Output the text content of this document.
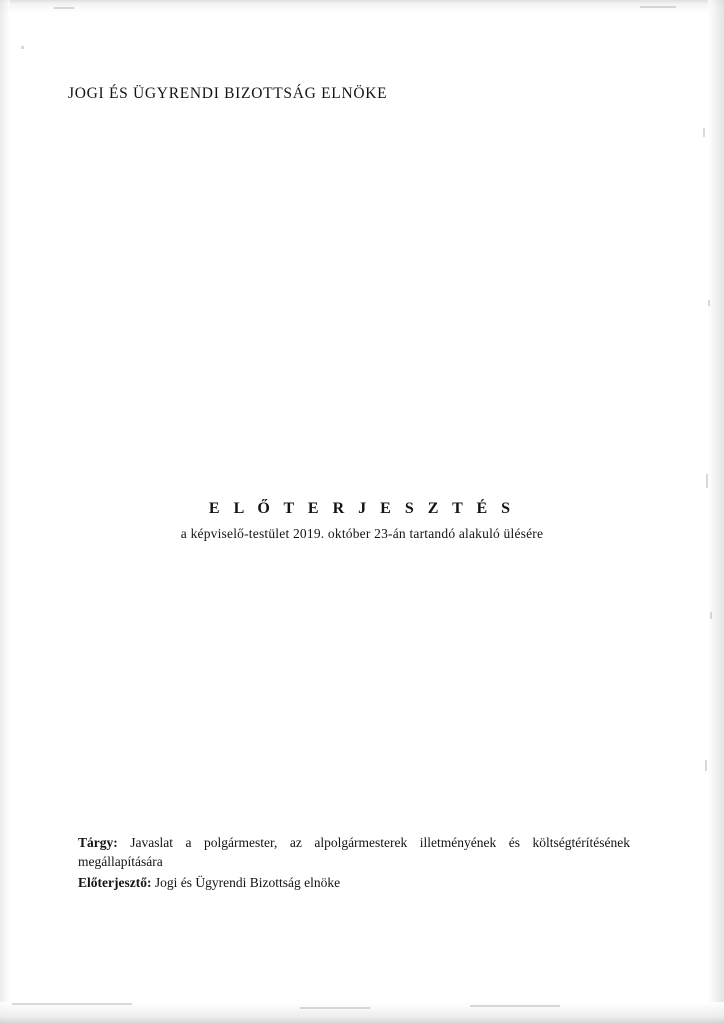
JOGI ÉS ÜGYRENDI BIZOTTSÁG ELNÖKE
E L Ő T E R J E S Z T É S
a képviselő-testület 2019. október 23-án tartandó alakuló ülésére
Tárgy: Javaslat a polgármester, az alpolgármesterek illetményének és költségtérítésének megállapítására
Előterjesztő: Jogi és Ügyrendi Bizottság elnöke
